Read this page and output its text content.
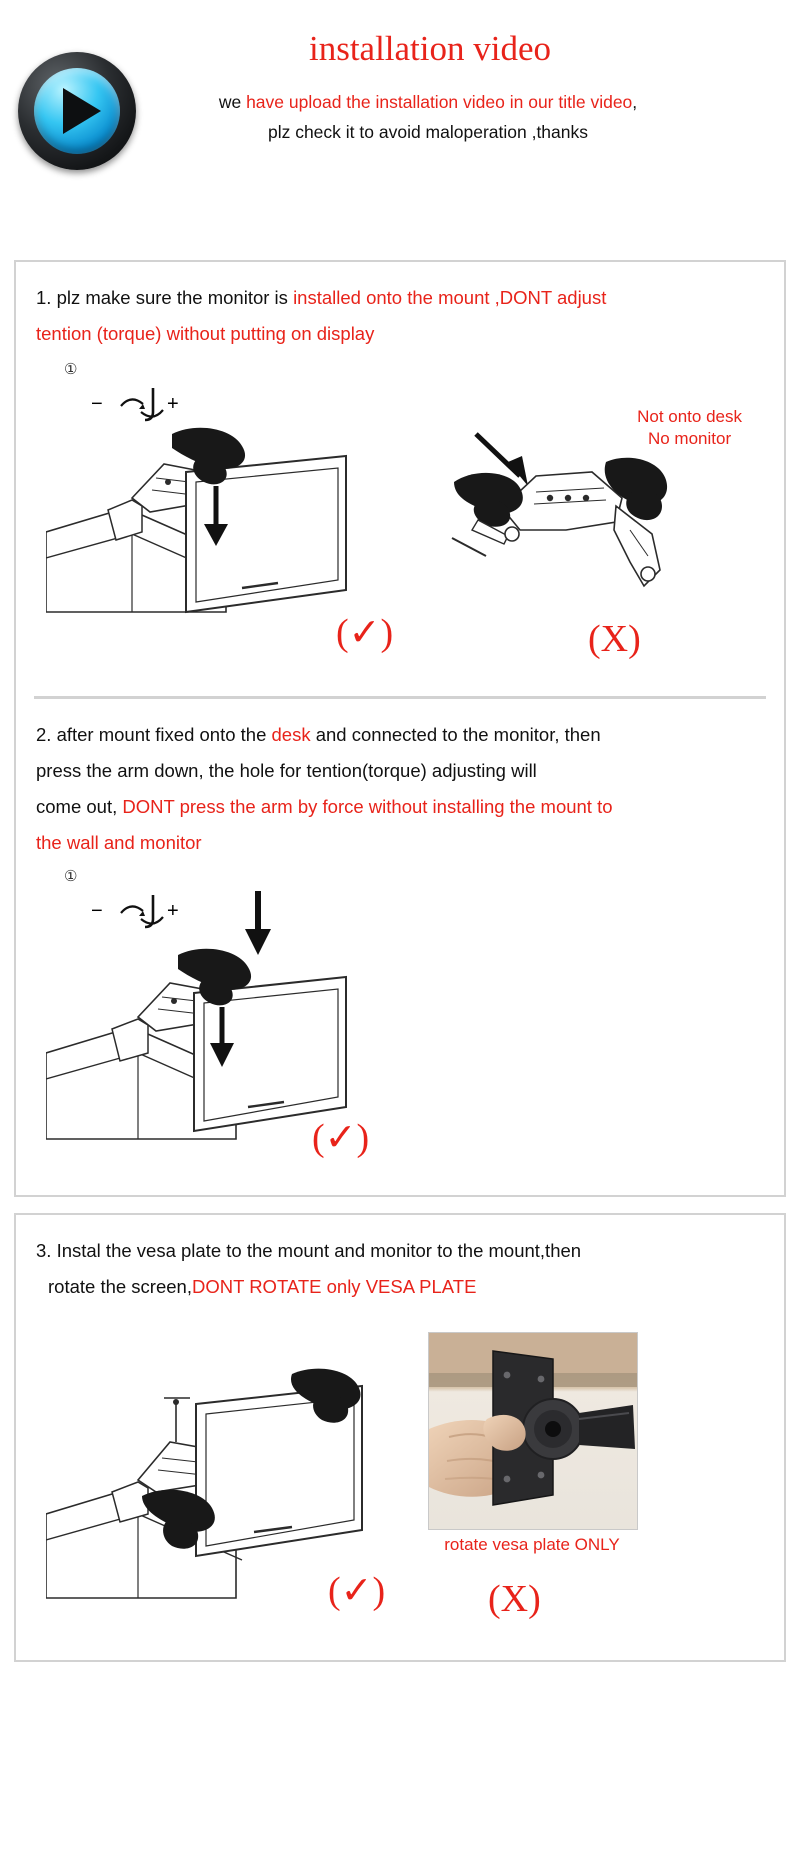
installation video
we have upload the installation video in our title video,
plz check it to avoid maloperation ,thanks
1. plz make sure the monitor is installed onto the mount ,DONT adjust
tention (torque) without putting on display
①
−	+
Not onto desk
No monitor
(✓)	(X)
2. after mount fixed onto the desk and connected to the monitor, then
press the arm down, the hole for tention(torque) adjusting will
come out, DONT press the arm by force without installing the mount to
the wall and monitor
①
−	+
(✓)
3. Instal the vesa plate to the mount and monitor to the mount,then
rotate the screen,DONT ROTATE only VESA PLATE
rotate vesa plate ONLY
(✓)	(X)
